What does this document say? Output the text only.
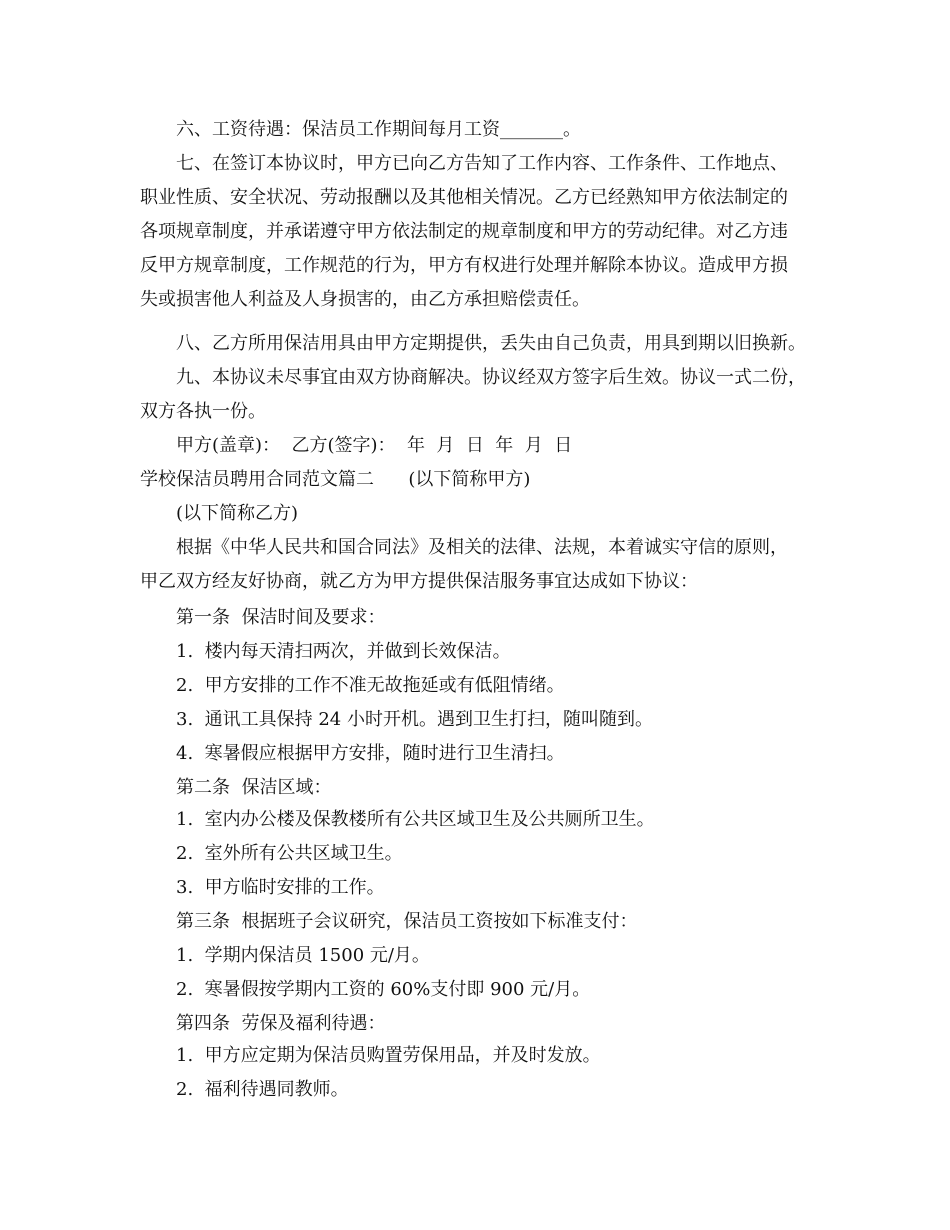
六、工资待遇：保洁员工作期间每月工资_______。
七、在签订本协议时，甲方已向乙方告知了工作内容、工作条件、工作地点、
职业性质、安全状况、劳动报酬以及其他相关情况。乙方已经熟知甲方依法制定的
各项规章制度，并承诺遵守甲方依法制定的规章制度和甲方的劳动纪律。对乙方违
反甲方规章制度，工作规范的行为，甲方有权进行处理并解除本协议。造成甲方损
失或损害他人利益及人身损害的，由乙方承担赔偿责任。
八、乙方所用保洁用具由甲方定期提供，丢失由自己负责，用具到期以旧换新。
九、本协议未尽事宜由双方协商解决。协议经双方签字后生效。协议一式二份，
双方各执一份。
甲方(盖章)：  乙方(签字)：  年  月  日  年  月  日
学校保洁员聘用合同范文篇二      (以下简称甲方)
(以下简称乙方)
根据《中华人民共和国合同法》及相关的法律、法规，本着诚实守信的原则，
甲乙双方经友好协商，就乙方为甲方提供保洁服务事宜达成如下协议：
第一条  保洁时间及要求：
1.  楼内每天清扫两次，并做到长效保洁。
2.  甲方安排的工作不准无故拖延或有低阻情绪。
3.  通讯工具保持 24 小时开机。遇到卫生打扫，随叫随到。
4.  寒暑假应根据甲方安排，随时进行卫生清扫。
第二条  保洁区域：
1.  室内办公楼及保教楼所有公共区域卫生及公共厕所卫生。
2.  室外所有公共区域卫生。
3.  甲方临时安排的工作。
第三条  根据班子会议研究，保洁员工资按如下标准支付：
1.  学期内保洁员 1500 元/月。
2.  寒暑假按学期内工资的 60%支付即 900 元/月。
第四条  劳保及福利待遇：
1.  甲方应定期为保洁员购置劳保用品，并及时发放。
2.  福利待遇同教师。
